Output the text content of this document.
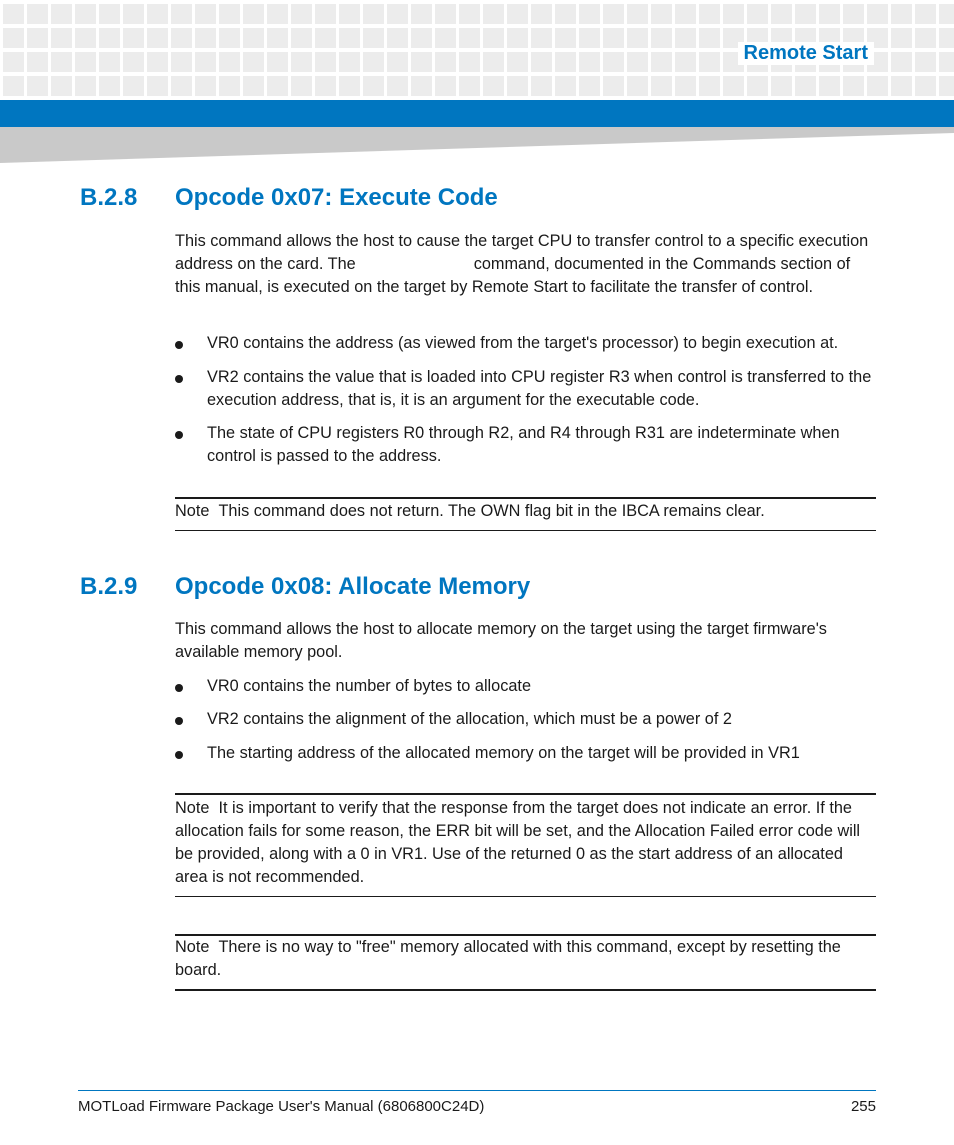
Remote Start
B.2.8 Opcode 0x07: Execute Code
This command allows the host to cause the target CPU to transfer control to a specific execution address on the card. The	command, documented in the Commands section of this manual, is executed on the target by Remote Start to facilitate the transfer of control.
VR0 contains the address (as viewed from the target's processor) to begin execution at.
VR2 contains the value that is loaded into CPU register R3 when control is transferred to the execution address, that is, it is an argument for the executable code.
The state of CPU registers R0 through R2, and R4 through R31 are indeterminate when control is passed to the address.
Note This command does not return. The OWN flag bit in the IBCA remains clear.
B.2.9 Opcode 0x08: Allocate Memory
This command allows the host to allocate memory on the target using the target firmware's available memory pool.
VR0 contains the number of bytes to allocate
VR2 contains the alignment of the allocation, which must be a power of 2
The starting address of the allocated memory on the target will be provided in VR1
Note It is important to verify that the response from the target does not indicate an error. If the allocation fails for some reason, the ERR bit will be set, and the Allocation Failed error code will be provided, along with a 0 in VR1. Use of the returned 0 as the start address of an allocated area is not recommended.
Note There is no way to "free" memory allocated with this command, except by resetting the board.
MOTLoad Firmware Package User's Manual (6806800C24D)	255
